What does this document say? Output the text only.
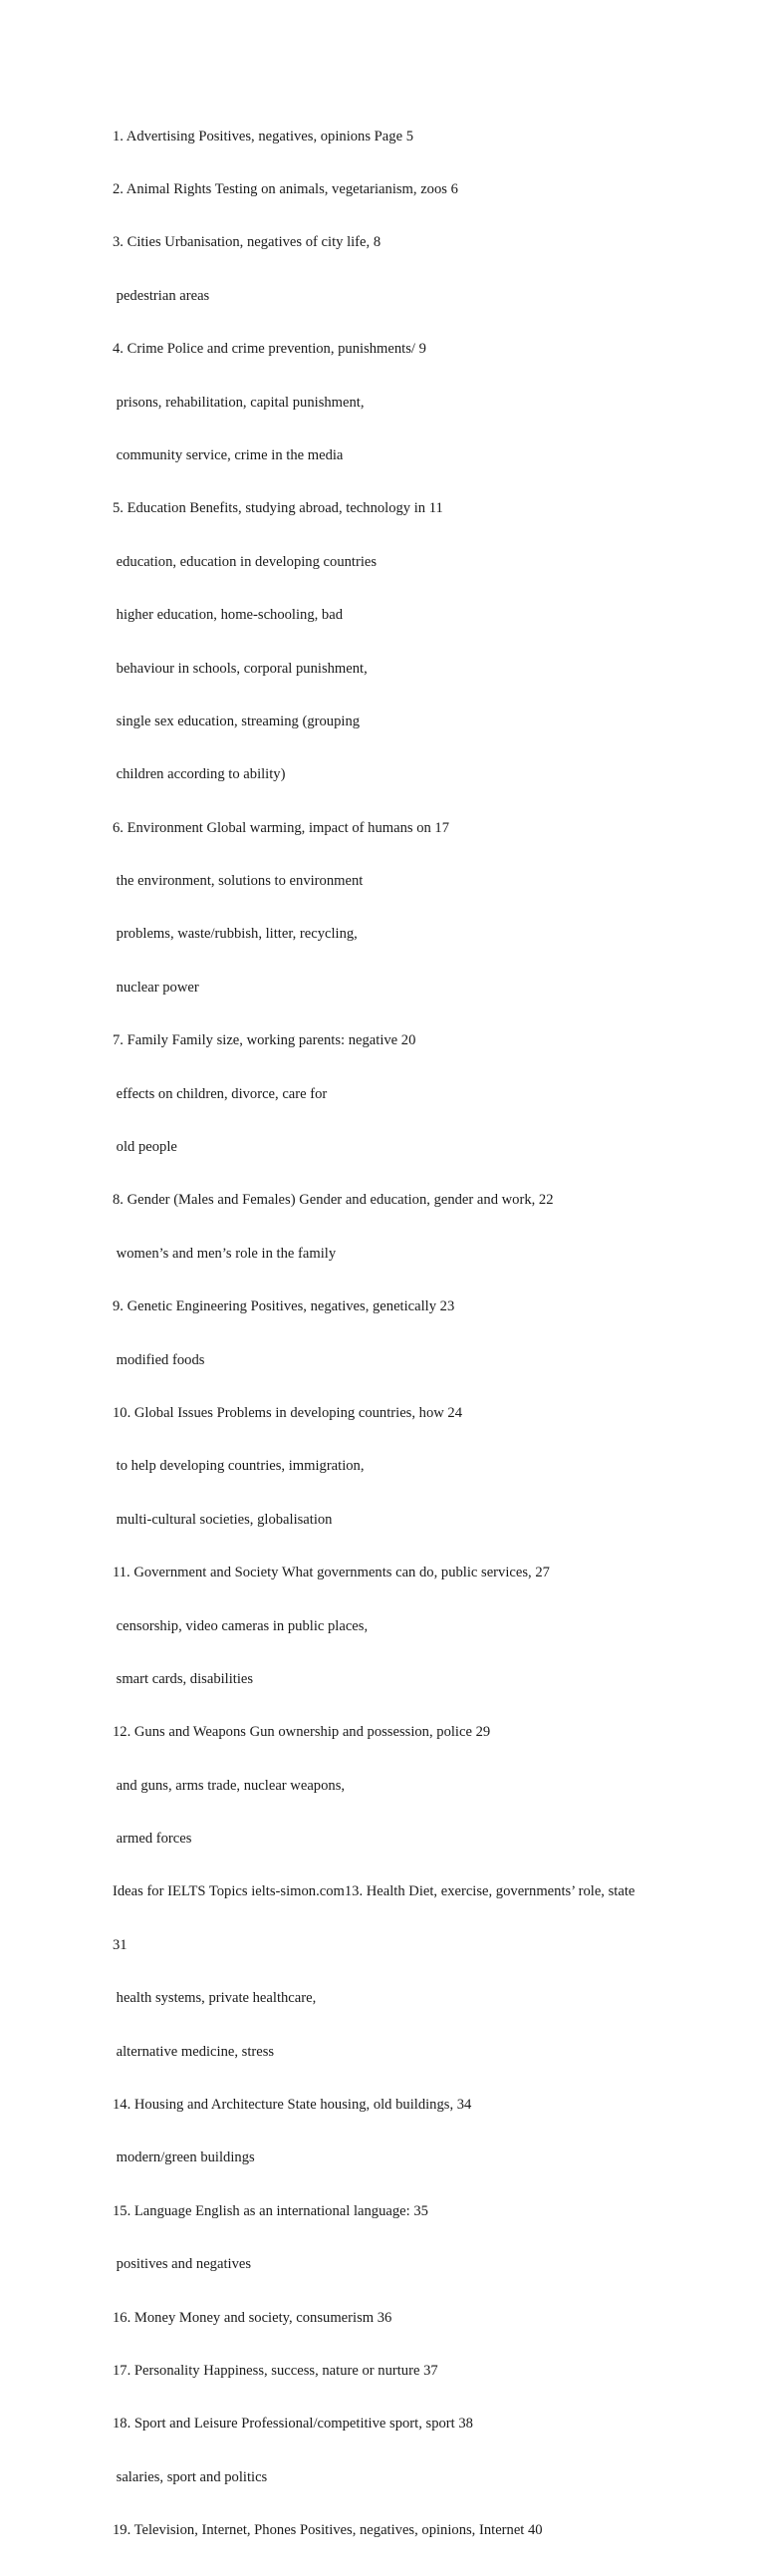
1. Advertising Positives, negatives, opinions Page 5

2. Animal Rights Testing on animals, vegetarianism, zoos 6

3. Cities Urbanisation, negatives of city life, 8

pedestrian areas

4. Crime Police and crime prevention, punishments/ 9

prisons, rehabilitation, capital punishment,

community service, crime in the media

5. Education Benefits, studying abroad, technology in 11

education, education in developing countries

higher education, home-schooling, bad

behaviour in schools, corporal punishment,

single sex education, streaming (grouping

children according to ability)

6. Environment Global warming, impact of humans on 17

the environment, solutions to environment

problems, waste/rubbish, litter, recycling,

nuclear power

7. Family Family size, working parents: negative 20

effects on children, divorce, care for

old people

8. Gender (Males and Females) Gender and education, gender and work, 22

women’s and men’s role in the family

9. Genetic Engineering Positives, negatives, genetically 23

modified foods

10. Global Issues Problems in developing countries, how 24

to help developing countries, immigration,

multi-cultural societies, globalisation

11. Government and Society What governments can do, public services, 27

censorship, video cameras in public places,

smart cards, disabilities

12. Guns and Weapons Gun ownership and possession, police 29

and guns, arms trade, nuclear weapons,

armed forces

Ideas for IELTS Topics ielts-simon.com13. Health Diet, exercise, governments’ role, state

31

health systems, private healthcare,

alternative medicine, stress

14. Housing and Architecture State housing, old buildings, 34

modern/green buildings

15. Language English as an international language: 35

positives and negatives

16. Money Money and society, consumerism 36

17. Personality Happiness, success, nature or nurture 37

18. Sport and Leisure Professional/competitive sport, sport 38

salaries, sport and politics

19. Television, Internet, Phones Positives, negatives, opinions, Internet 40
